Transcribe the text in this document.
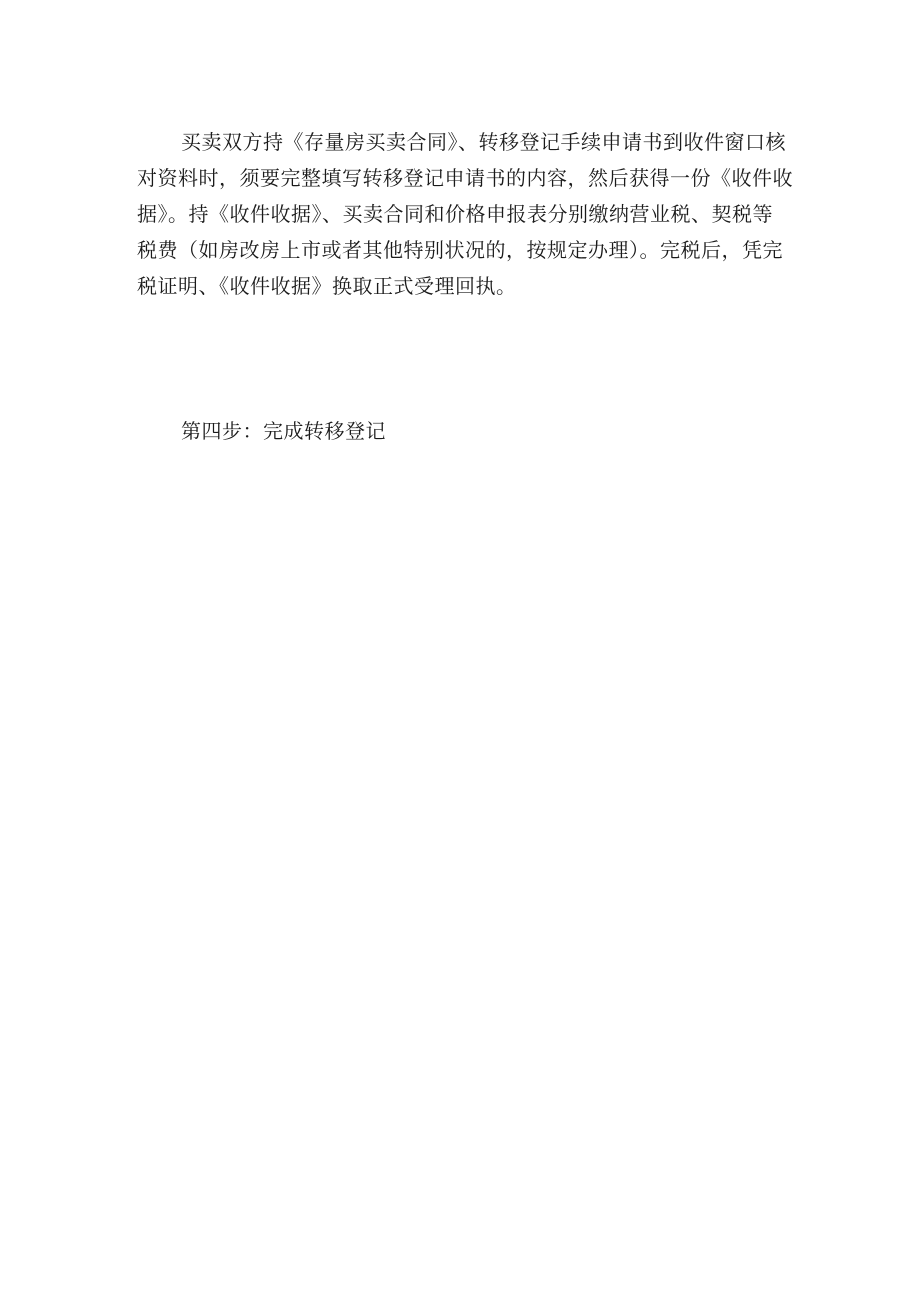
买卖双方持《存量房买卖合同》、转移登记手续申请书到收件窗口核
对资料时，须要完整填写转移登记申请书的内容，然后获得一份《收件收
据》。持《收件收据》、买卖合同和价格申报表分别缴纳营业税、契税等
税费（如房改房上市或者其他特别状况的，按规定办理）。完税后，凭完
税证明、《收件收据》换取正式受理回执。

第四步：完成转移登记
